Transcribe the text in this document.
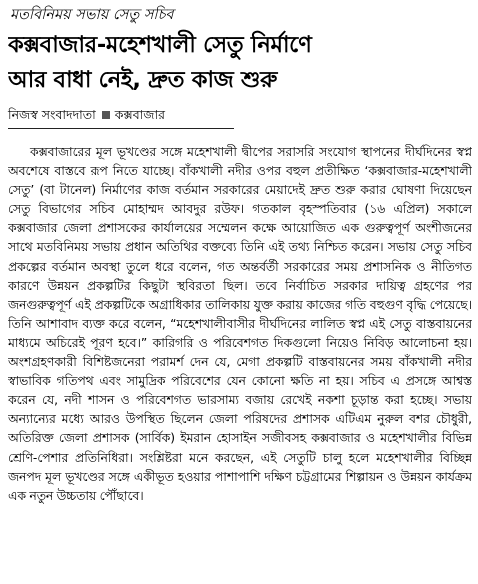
মতবিনিময় সভায় সেতু সচিব
কক্সবাজার-মহেশখালী সেতু নির্মাণে
আর বাধা নেই, দ্রুত কাজ শুরু
নিজস্ব সংবাদদাতা কক্সবাজার
কক্সবাজারের মূল ভূখণ্ডের সঙ্গে মহেশখালী দ্বীপের সরাসরি সংযোগ স্থাপনের দীর্ঘদিনের স্বপ্ন অবশেষে বাস্তবে রূপ নিতে যাচ্ছে। বাঁকখালী নদীর ওপর বহুল প্রতীক্ষিত ‘কক্সবাজার-মহেশখালী সেতু’ (বা টানেল) নির্মাণের কাজ বর্তমান সরকারের মেয়াদেই দ্রুত শুরু করার ঘোষণা দিয়েছেন সেতু বিভাগের সচিব মোহাম্মদ আবদুর রউফ। গতকাল বৃহস্পতিবার (১৬ এপ্রিল) সকালে কক্সবাজার জেলা প্রশাসকের কার্যালয়ের সম্মেলন কক্ষে আয়োজিত এক গুরুত্বপূর্ণ অংশীজনের সাথে মতবিনিময় সভায় প্রধান অতিথির বক্তব্যে তিনি এই তথ্য নিশ্চিত করেন। সভায় সেতু সচিব প্রকল্পের বর্তমান অবস্থা তুলে ধরে বলেন, গত অন্তর্বর্তী সরকারের সময় প্রশাসনিক ও নীতিগত কারণে উন্নয়ন প্রকল্পটির কিছুটা স্থবিরতা ছিল। তবে নির্বাচিত সরকার দায়িত্ব গ্রহণের পর জনগুরুত্বপূর্ণ এই প্রকল্পটিকে অগ্রাধিকার তালিকায় যুক্ত করায় কাজের গতি বহুগুণ বৃদ্ধি পেয়েছে। তিনি আশাবাদ ব্যক্ত করে বলেন, “মহেশখালীবাসীর দীর্ঘদিনের লালিত স্বপ্ন এই সেতু বাস্তবায়নের মাধ্যমে অচিরেই পূরণ হবে।” কারিগরি ও পরিবেশগত দিকগুলো নিয়েও নিবিড় আলোচনা হয়। অংশগ্রহণকারী বিশিষ্টজনেরা পরামর্শ দেন যে, মেগা প্রকল্পটি বাস্তবায়নের সময় বাঁকখালী নদীর স্বাভাবিক গতিপথ এবং সামুদ্রিক পরিবেশের যেন কোনো ক্ষতি না হয়। সচিব এ প্রসঙ্গে আশ্বস্ত করেন যে, নদী শাসন ও পরিবেশগত ভারসাম্য বজায় রেখেই নকশা চূড়ান্ত করা হচ্ছে। সভায় অন্যান্যের মধ্যে আরও উপস্থিত ছিলেন জেলা পরিষদের প্রশাসক এটিএম নুরুল বশর চৌধুরী, অতিরিক্ত জেলা প্রশাসক (সার্বিক) ইমরান হোসাইন সজীবসহ কক্সবাজার ও মহেশখালীর বিভিন্ন শ্রেণি-পেশার প্রতিনিধিরা। সংশ্লিষ্টরা মনে করছেন, এই সেতুটি চালু হলে মহেশখালীর বিচ্ছিন্ন জনপদ মূল ভূখণ্ডের সঙ্গে একীভূত হওয়ার পাশাপাশি দক্ষিণ চট্টগ্রামের শিল্পায়ন ও উন্নয়ন কার্যক্রম এক নতুন উচ্চতায় পৌঁছাবে।
